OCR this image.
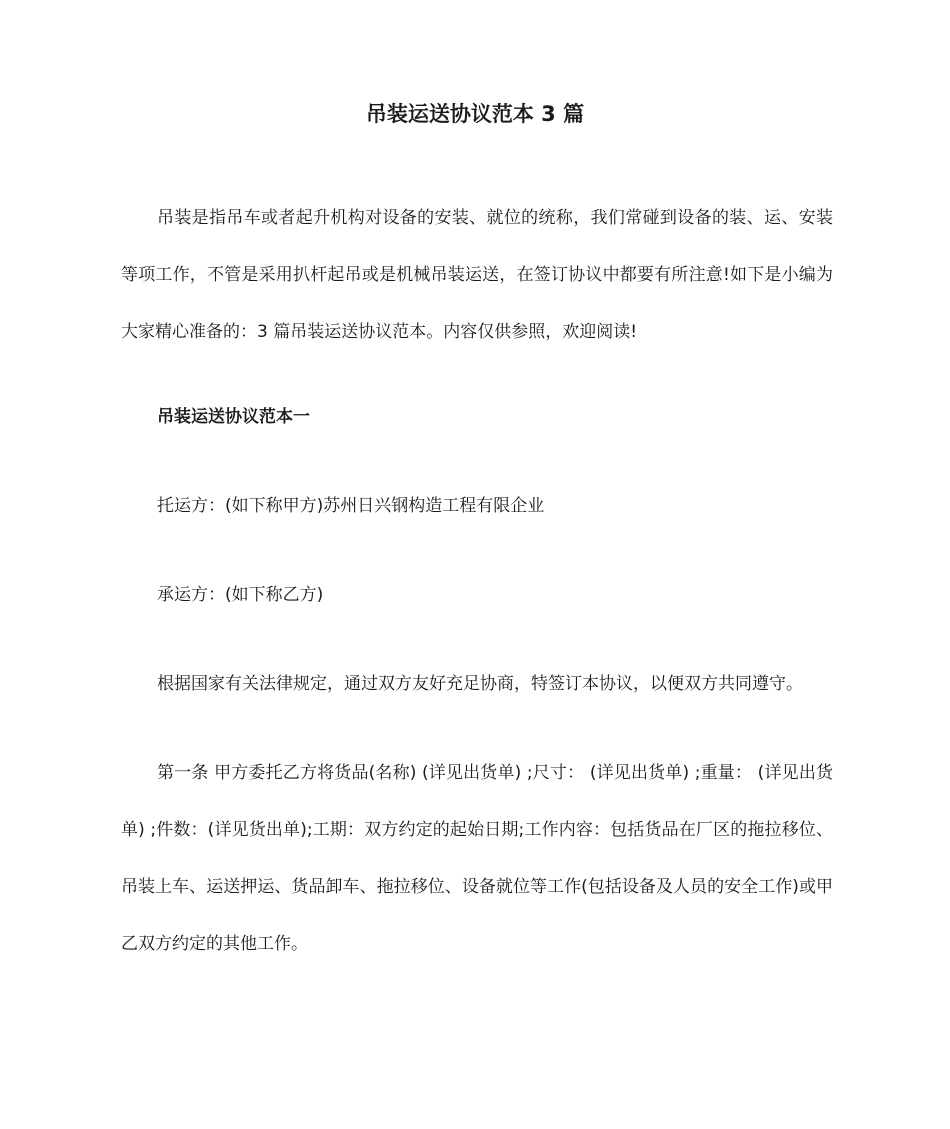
吊装运送协议范本 3 篇
吊装是指吊车或者起升机构对设备的安装、就位的统称，我们常碰到设备的装、运、安装等项工作，不管是采用扒杆起吊或是机械吊装运送，在签订协议中都要有所注意!如下是小编为大家精心准备的：3 篇吊装运送协议范本。内容仅供参照，欢迎阅读!
吊装运送协议范本一
托运方：(如下称甲方)苏州日兴钢构造工程有限企业
承运方：(如下称乙方)
根据国家有关法律规定，通过双方友好充足协商，特签订本协议，以便双方共同遵守。
第一条 甲方委托乙方将货品(名称) (详见出货单) ;尺寸： (详见出货单) ;重量： (详见出货单) ;件数：(详见货出单);工期：双方约定的起始日期;工作内容：包括货品在厂区的拖拉移位、吊装上车、运送押运、货品卸车、拖拉移位、设备就位等工作(包括设备及人员的安全工作)或甲乙双方约定的其他工作。
